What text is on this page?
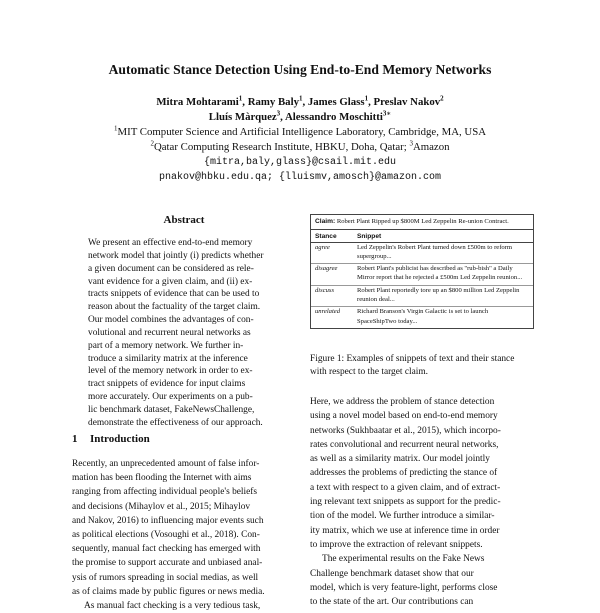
Automatic Stance Detection Using End-to-End Memory Networks
Mitra Mohtarami$^1$, Ramy Baly$^1$, James Glass$^1$, Preslav Nakov$^2$
Lluís Màrquez$^3$, Alessandro Moschitti$^{3∗}$
$^1$MIT Computer Science and Artificial Intelligence Laboratory, Cambridge, MA, USA
$^2$Qatar Computing Research Institute, HBKU, Doha, Qatar; $^3$Amazon
{mitra,baly,glass}@csail.mit.edu
pnakov@hbku.edu.qa; {lluismv,amosch}@amazon.com
Abstract
We present an effective end-to-end memory
network model that jointly (i) predicts whether
a given document can be considered as rele-
vant evidence for a given claim, and (ii) ex-
tracts snippets of evidence that can be used to
reason about the factuality of the target claim.
Our model combines the advantages of con-
volutional and recurrent neural networks as
part of a memory network. We further in-
troduce a similarity matrix at the inference
level of the memory network in order to ex-
tract snippets of evidence for input claims
more accurately. Our experiments on a pub-
lic benchmark dataset, FakeNewsChallenge,
demonstrate the effectiveness of our approach.
1 Introduction
Recently, an unprecedented amount of false infor-
mation has been flooding the Internet with aims
ranging from affecting individual people's beliefs
and decisions (Mihaylov et al., 2015; Mihaylov
and Nakov, 2016) to influencing major events such
as political elections (Vosoughi et al., 2018). Con-
sequently, manual fact checking has emerged with
the promise to support accurate and unbiased anal-
ysis of rumors spreading in social medias, as well
as of claims made by public figures or news media.
As manual fact checking is a very tedious task,
Claim: Robert Plant Ripped up $800M Led Zeppelin Re-union Contract.
Stance	Snippet
agree	Led Zeppelin's Robert Plant turned down £500m to reform supergroup...
disagree	Robert Plant's publicist has described as "rub-bish" a Daily Mirror report that he rejected a £500m Led Zeppelin reunion...
discuss	Robert Plant reportedly tore up an $800 million Led Zeppelin reunion deal...
unrelated	Richard Branson's Virgin Galactic is set to launch SpaceShipTwo today...
Figure 1: Examples of snippets of text and their stance with respect to the target claim.

Here, we address the problem of stance detection
using a novel model based on end-to-end memory
networks (Sukhbaatar et al., 2015), which incorpo-
rates convolutional and recurrent neural networks,
as well as a similarity matrix. Our model jointly
addresses the problems of predicting the stance of
a text with respect to a given claim, and of extract-
ing relevant text snippets as support for the predic-
tion of the model. We further introduce a similar-
ity matrix, which we use at inference time in order
to improve the extraction of relevant snippets.

The experimental results on the Fake News
Challenge benchmark dataset show that our
model, which is very feature-light, performs close
to the state of the art. Our contributions can
